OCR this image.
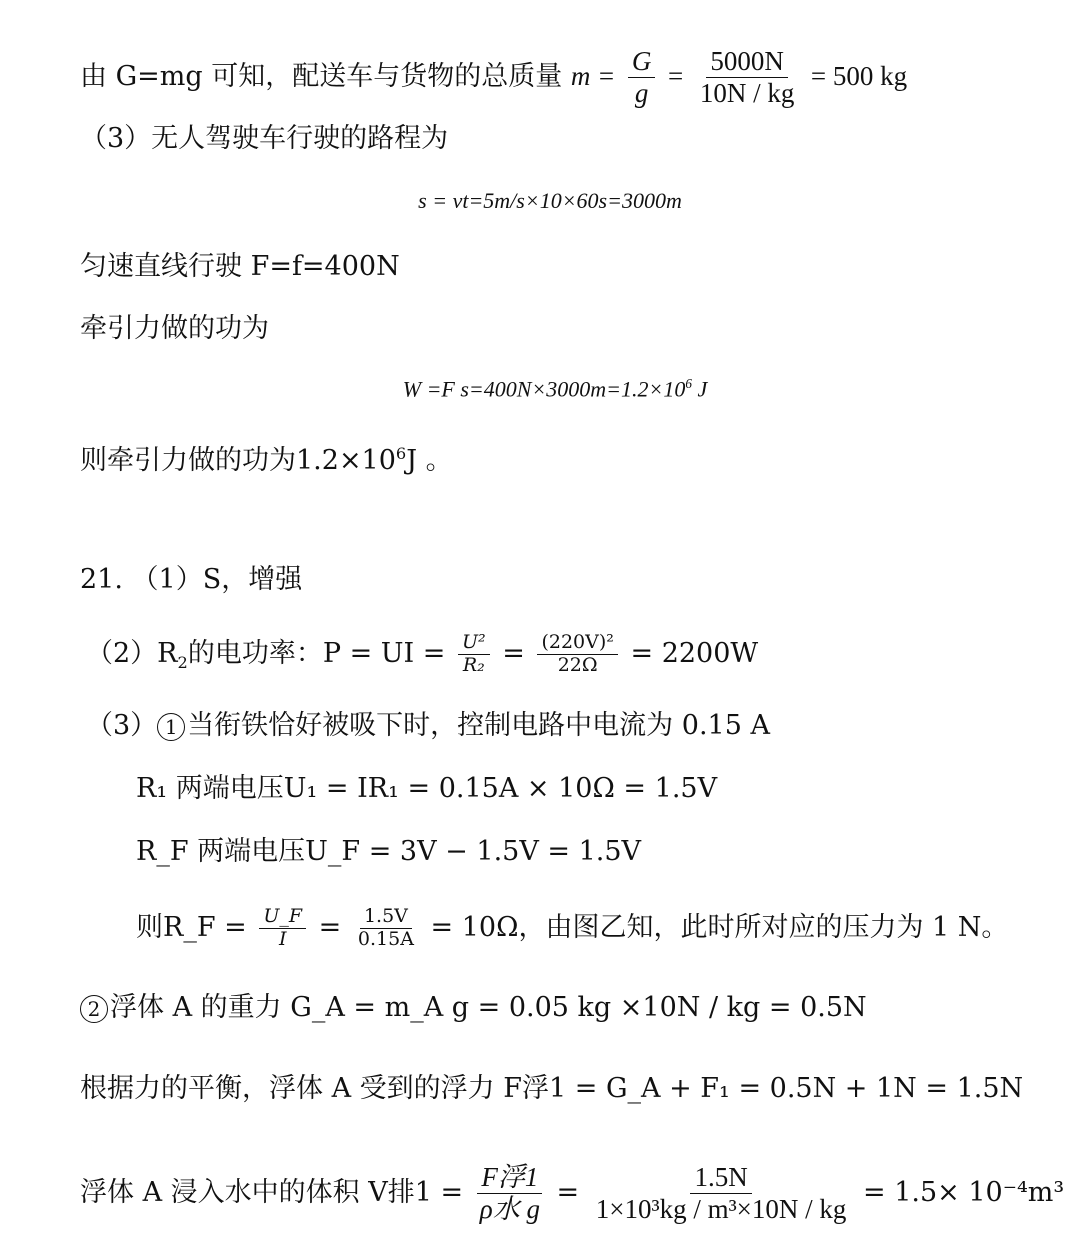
由 G=mg 可知，配送车与货物的总质量 $m = \frac{G}{g} = \frac{5000N}{10N / kg} = 500$ kg
（3）无人驾驶车行驶的路程为
s = vt=5m/s×10×60s=3000m
匀速直线行驶 F=f=400N
牵引力做的功为
W =F $s=400N\times 3000m=1.2\times 10^6$ J
则牵引力做的功为$1.2\times 10^6J$ 。
21. （1）S，增强
$(2)R_2$的电功率：P = UI = $\frac{\text{U²}}{\text{R₂}} = \frac{\text{(220V)²}}{22\Omega} = 2200W$
（3） 1 当衔铁恰好被吸下时，控制电路中电流为 0.15 A
R₁ 两端电压U₁ = IR₁ = 0.15A × 10Ω = 1.5V
R_F 两端电压U_F = 3V − 1.5V = 1.5V
则R_F = $\frac{U\_F}{I} = \frac{1.5V}{0.15A} = 10\Omega$，由图乙知，此时所对应的压力为 1 N。
2 浮体 A 的重力 G_A = m_A g = 0.05 kg ×10N / kg = 0.5N
根据力的平衡，浮体 A 受到的浮力 F浮1 = G_A + F₁ = 0.5N + 1N = 1.5N
浮体 A 浸入水中的体积 V排$1 = \frac{\text{F浮1}}{\text{ρ水 g}} = \frac{1.5N}{\text{1×10³kg / m³×10N / kg}} = 1.5\times 10^{-4}m^3$
